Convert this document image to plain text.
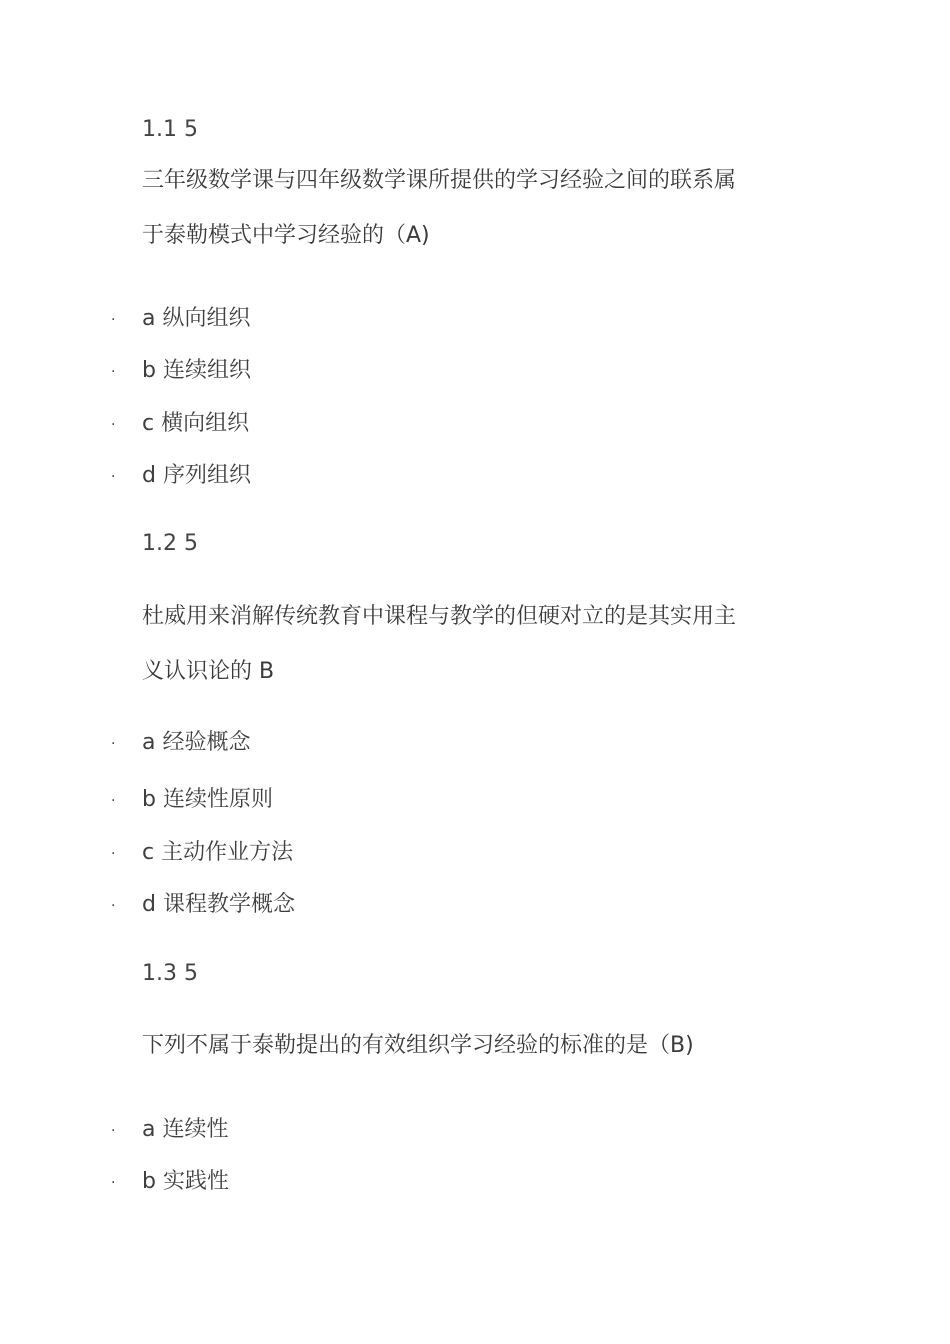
1.1 5
三年级数学课与四年级数学课所提供的学习经验之间的联系属
于泰勒模式中学习经验的（A)
· a 纵向组织
· b 连续组织
· c 横向组织
· d 序列组织
1.2 5
杜威用来消解传统教育中课程与教学的但硬对立的是其实用主
义认识论的 B
· a 经验概念
· b 连续性原则
· c 主动作业方法
· d 课程教学概念
1.3 5
下列不属于泰勒提出的有效组织学习经验的标准的是（B)
· a 连续性
· b 实践性
